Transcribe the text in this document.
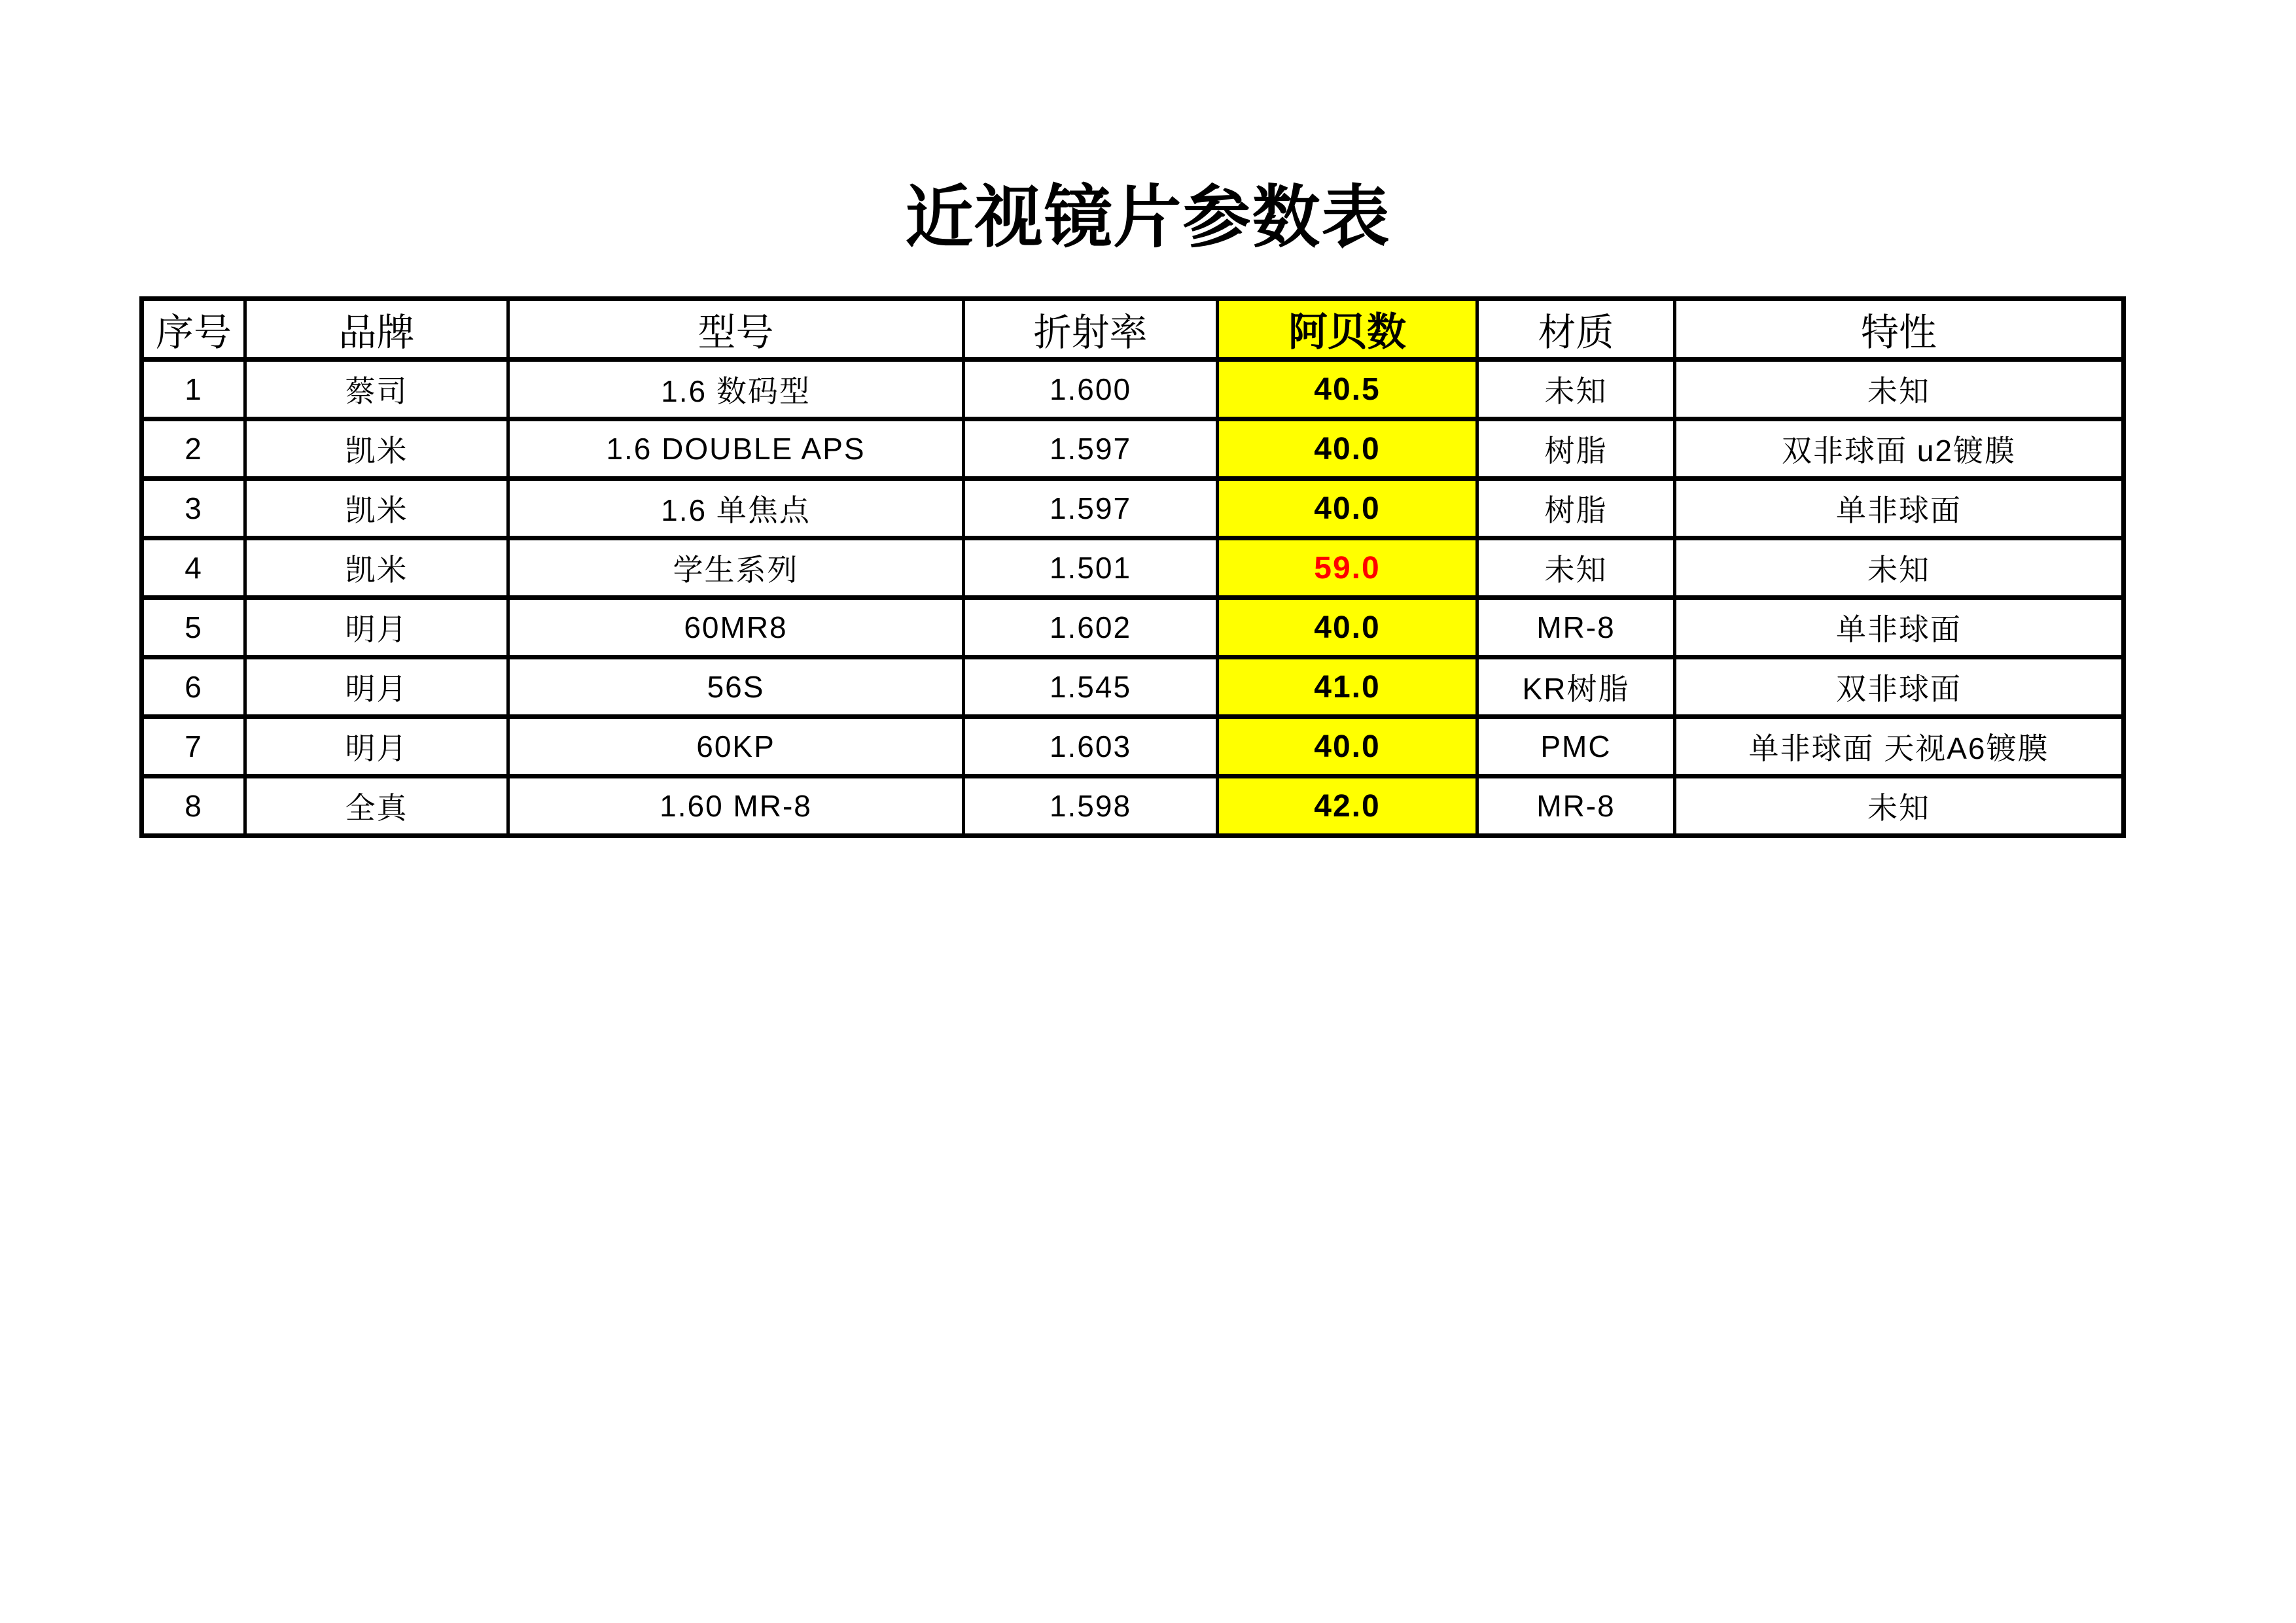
近视镜片参数表
序号	品牌	型号	折射率	阿贝数	材质	特性
1	蔡司	1.6 数码型	1.600	40.5	未知	未知
2	凯米	1.6 DOUBLE APS	1.597	40.0	树脂	双非球面 u2镀膜
3	凯米	1.6 单焦点	1.597	40.0	树脂	单非球面
4	凯米	学生系列	1.501	59.0	未知	未知
5	明月	60MR8	1.602	40.0	MR-8	单非球面
6	明月	56S	1.545	41.0	KR树脂	双非球面
7	明月	60KP	1.603	40.0	PMC	单非球面 天视A6镀膜
8	全真	1.60 MR-8	1.598	42.0	MR-8	未知
